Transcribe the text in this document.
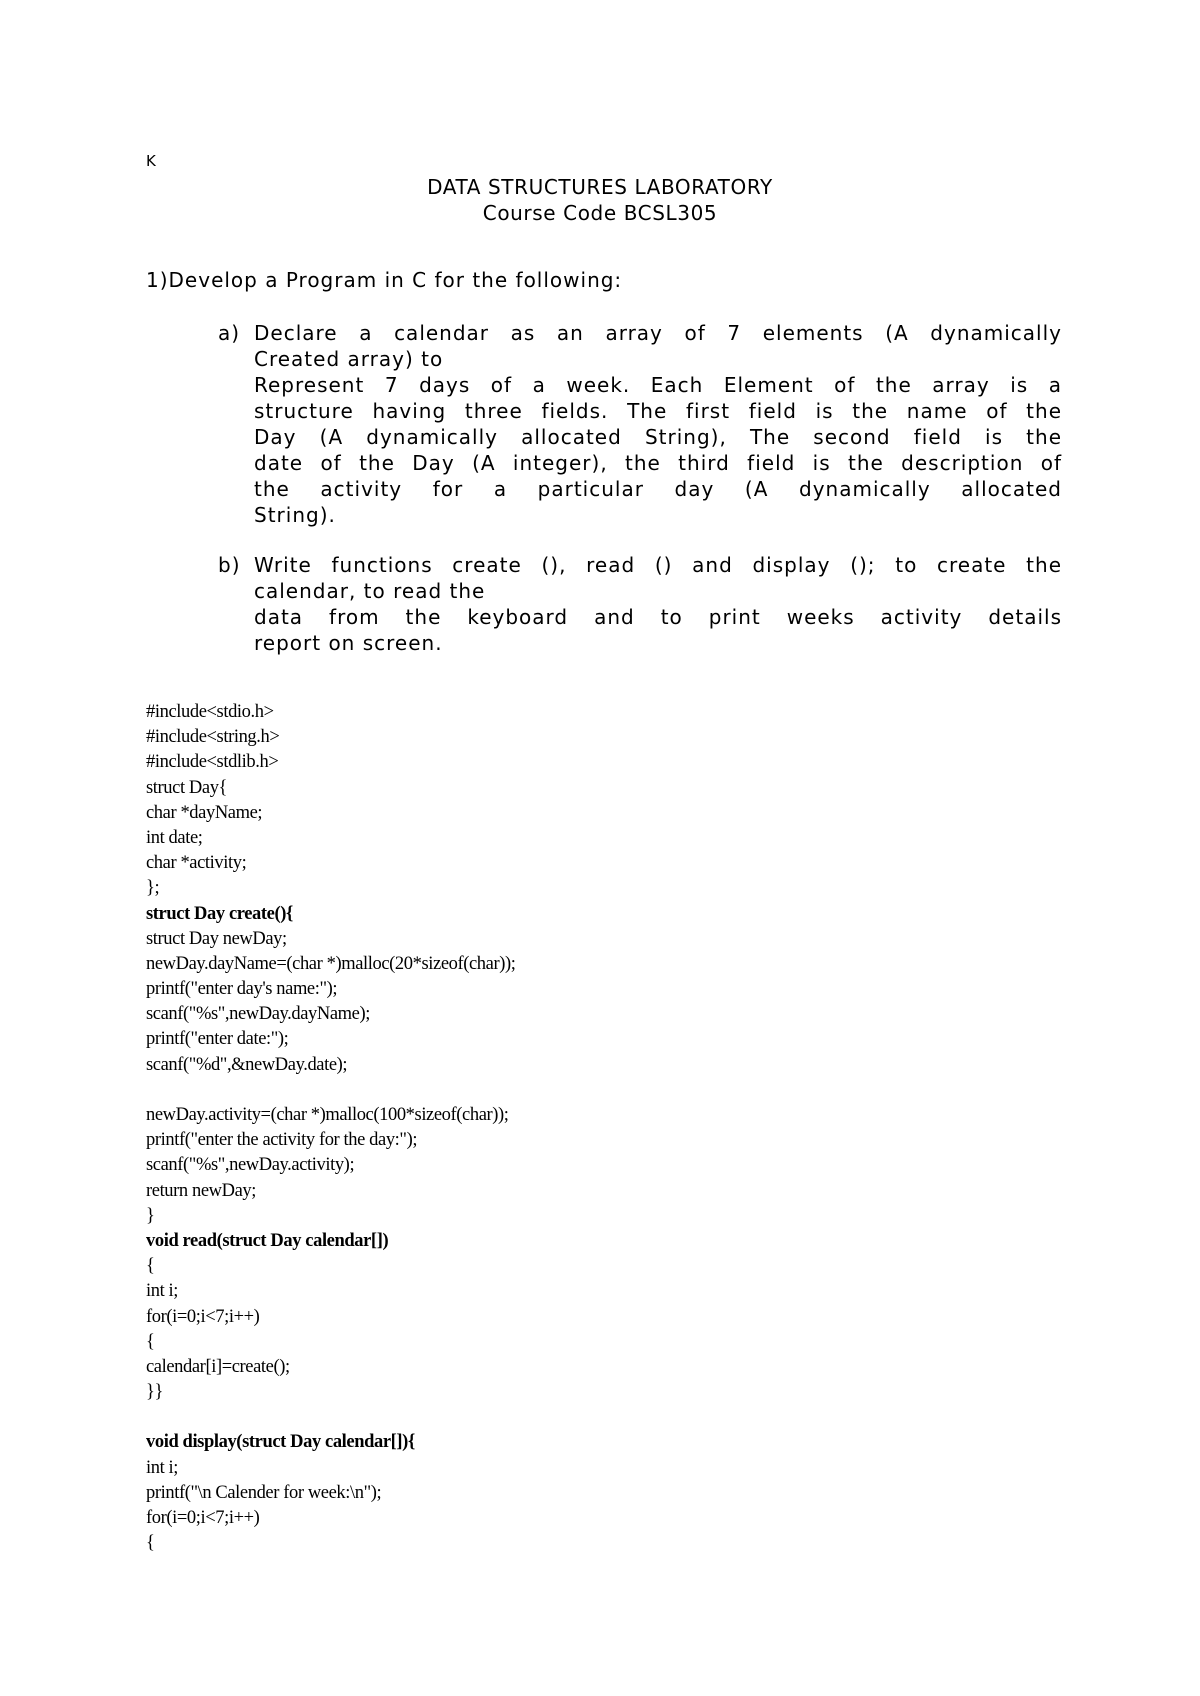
K
DATA STRUCTURES LABORATORY
Course Code BCSL305
1)Develop a Program in C for the following:
a) Declare a calendar as an array of 7 elements (A dynamically
Created array) to
Represent 7 days of a week. Each Element of the array is a
structure having three fields. The first field is the name of the
Day (A dynamically allocated String), The second field is the
date of the Day (A integer), the third field is the description of
the activity for a particular day (A dynamically allocated
String).
b) Write functions create (), read () and display (); to create the
calendar, to read the
data from the keyboard and to print weeks activity details
report on screen.
#include<stdio.h>
#include<string.h>
#include<stdlib.h>
struct Day{
char *dayName;
int date;
char *activity;
};
struct Day create(){
struct Day newDay;
newDay.dayName=(char *)malloc(20*sizeof(char));
printf("enter day's name:");
scanf("%s",newDay.dayName);
printf("enter date:");
scanf("%d",&newDay.date);
newDay.activity=(char *)malloc(100*sizeof(char));
printf("enter the activity for the day:");
scanf("%s",newDay.activity);
return newDay;
}
void read(struct Day calendar[])
{
int i;
for(i=0;i<7;i++)
{
calendar[i]=create();
}}
void display(struct Day calendar[]){
int i;
printf("\n Calender for week:\n");
for(i=0;i<7;i++)
{
